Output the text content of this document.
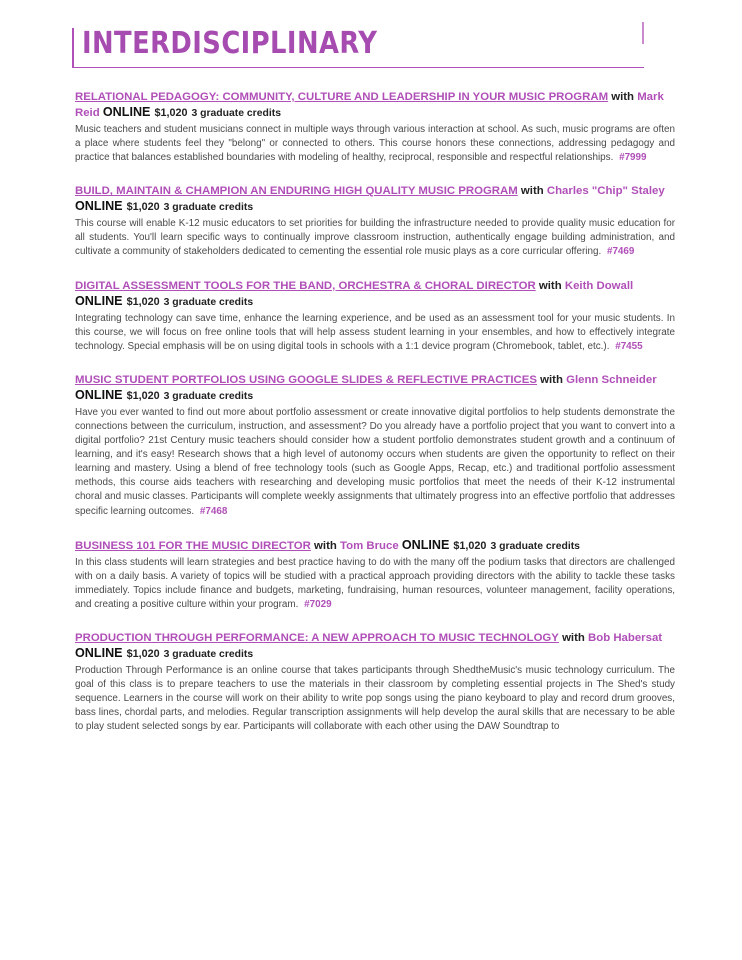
INTERDISCIPLINARY
RELATIONAL PEDAGOGY: COMMUNITY, CULTURE AND LEADERSHIP IN YOUR MUSIC PROGRAM with Mark Reid ONLINE $1,020 3 graduate credits

Music teachers and student musicians connect in multiple ways through various interaction at school. As such, music programs are often a place where students feel they "belong" or connected to others. This course honors these connections, addressing pedagogy and practice that balances established boundaries with modeling of healthy, reciprocal, responsible and respectful relationships. #7999

BUILD, MAINTAIN & CHAMPION AN ENDURING HIGH QUALITY MUSIC PROGRAM with Charles "Chip" Staley ONLINE $1,020 3 graduate credits

This course will enable K-12 music educators to set priorities for building the infrastructure needed to provide quality music education for all students. You'll learn specific ways to continually improve classroom instruction, authentically engage building administration, and cultivate a community of stakeholders dedicated to cementing the essential role music plays as a core curricular offering. #7469

DIGITAL ASSESSMENT TOOLS FOR THE BAND, ORCHESTRA & CHORAL DIRECTOR with Keith Dowall ONLINE $1,020 3 graduate credits

Integrating technology can save time, enhance the learning experience, and be used as an assessment tool for your music students. In this course, we will focus on free online tools that will help assess student learning in your ensembles, and how to effectively integrate technology. Special emphasis will be on using digital tools in schools with a 1:1 device program (Chromebook, tablet, etc.). #7455

MUSIC STUDENT PORTFOLIOS USING GOOGLE SLIDES & REFLECTIVE PRACTICES with Glenn Schneider ONLINE $1,020 3 graduate credits

Have you ever wanted to find out more about portfolio assessment or create innovative digital portfolios to help students demonstrate the connections between the curriculum, instruction, and assessment? Do you already have a portfolio project that you want to convert into a digital portfolio? 21st Century music teachers should consider how a student portfolio demonstrates student growth and a continuum of learning, and it's easy! Research shows that a high level of autonomy occurs when students are given the opportunity to reflect on their learning and mastery. Using a blend of free technology tools (such as Google Apps, Recap, etc.) and traditional portfolio assessment methods, this course aids teachers with researching and developing music portfolios that meet the needs of their K-12 instrumental choral and music classes. Participants will complete weekly assignments that ultimately progress into an effective portfolio that addresses specific learning outcomes. #7468

BUSINESS 101 FOR THE MUSIC DIRECTOR with Tom Bruce ONLINE $1,020 3 graduate credits

In this class students will learn strategies and best practice having to do with the many off the podium tasks that directors are challenged with on a daily basis. A variety of topics will be studied with a practical approach providing directors with the ability to tackle these tasks immediately. Topics include finance and budgets, marketing, fundraising, human resources, volunteer management, facility operations, and creating a positive culture within your program. #7029

PRODUCTION THROUGH PERFORMANCE: A NEW APPROACH TO MUSIC TECHNOLOGY with Bob Habersat ONLINE $1,020 3 graduate credits

Production Through Performance is an online course that takes participants through ShedtheMusic's music technology curriculum. The goal of this class is to prepare teachers to use the materials in their classroom by completing essential projects in The Shed's study sequence. Learners in the course will work on their ability to write pop songs using the piano keyboard to play and record drum grooves, bass lines, chordal parts, and melodies. Regular transcription assignments will help develop the aural skills that are necessary to be able to play student selected songs by ear. Participants will collaborate with each other using the DAW Soundtrap to
